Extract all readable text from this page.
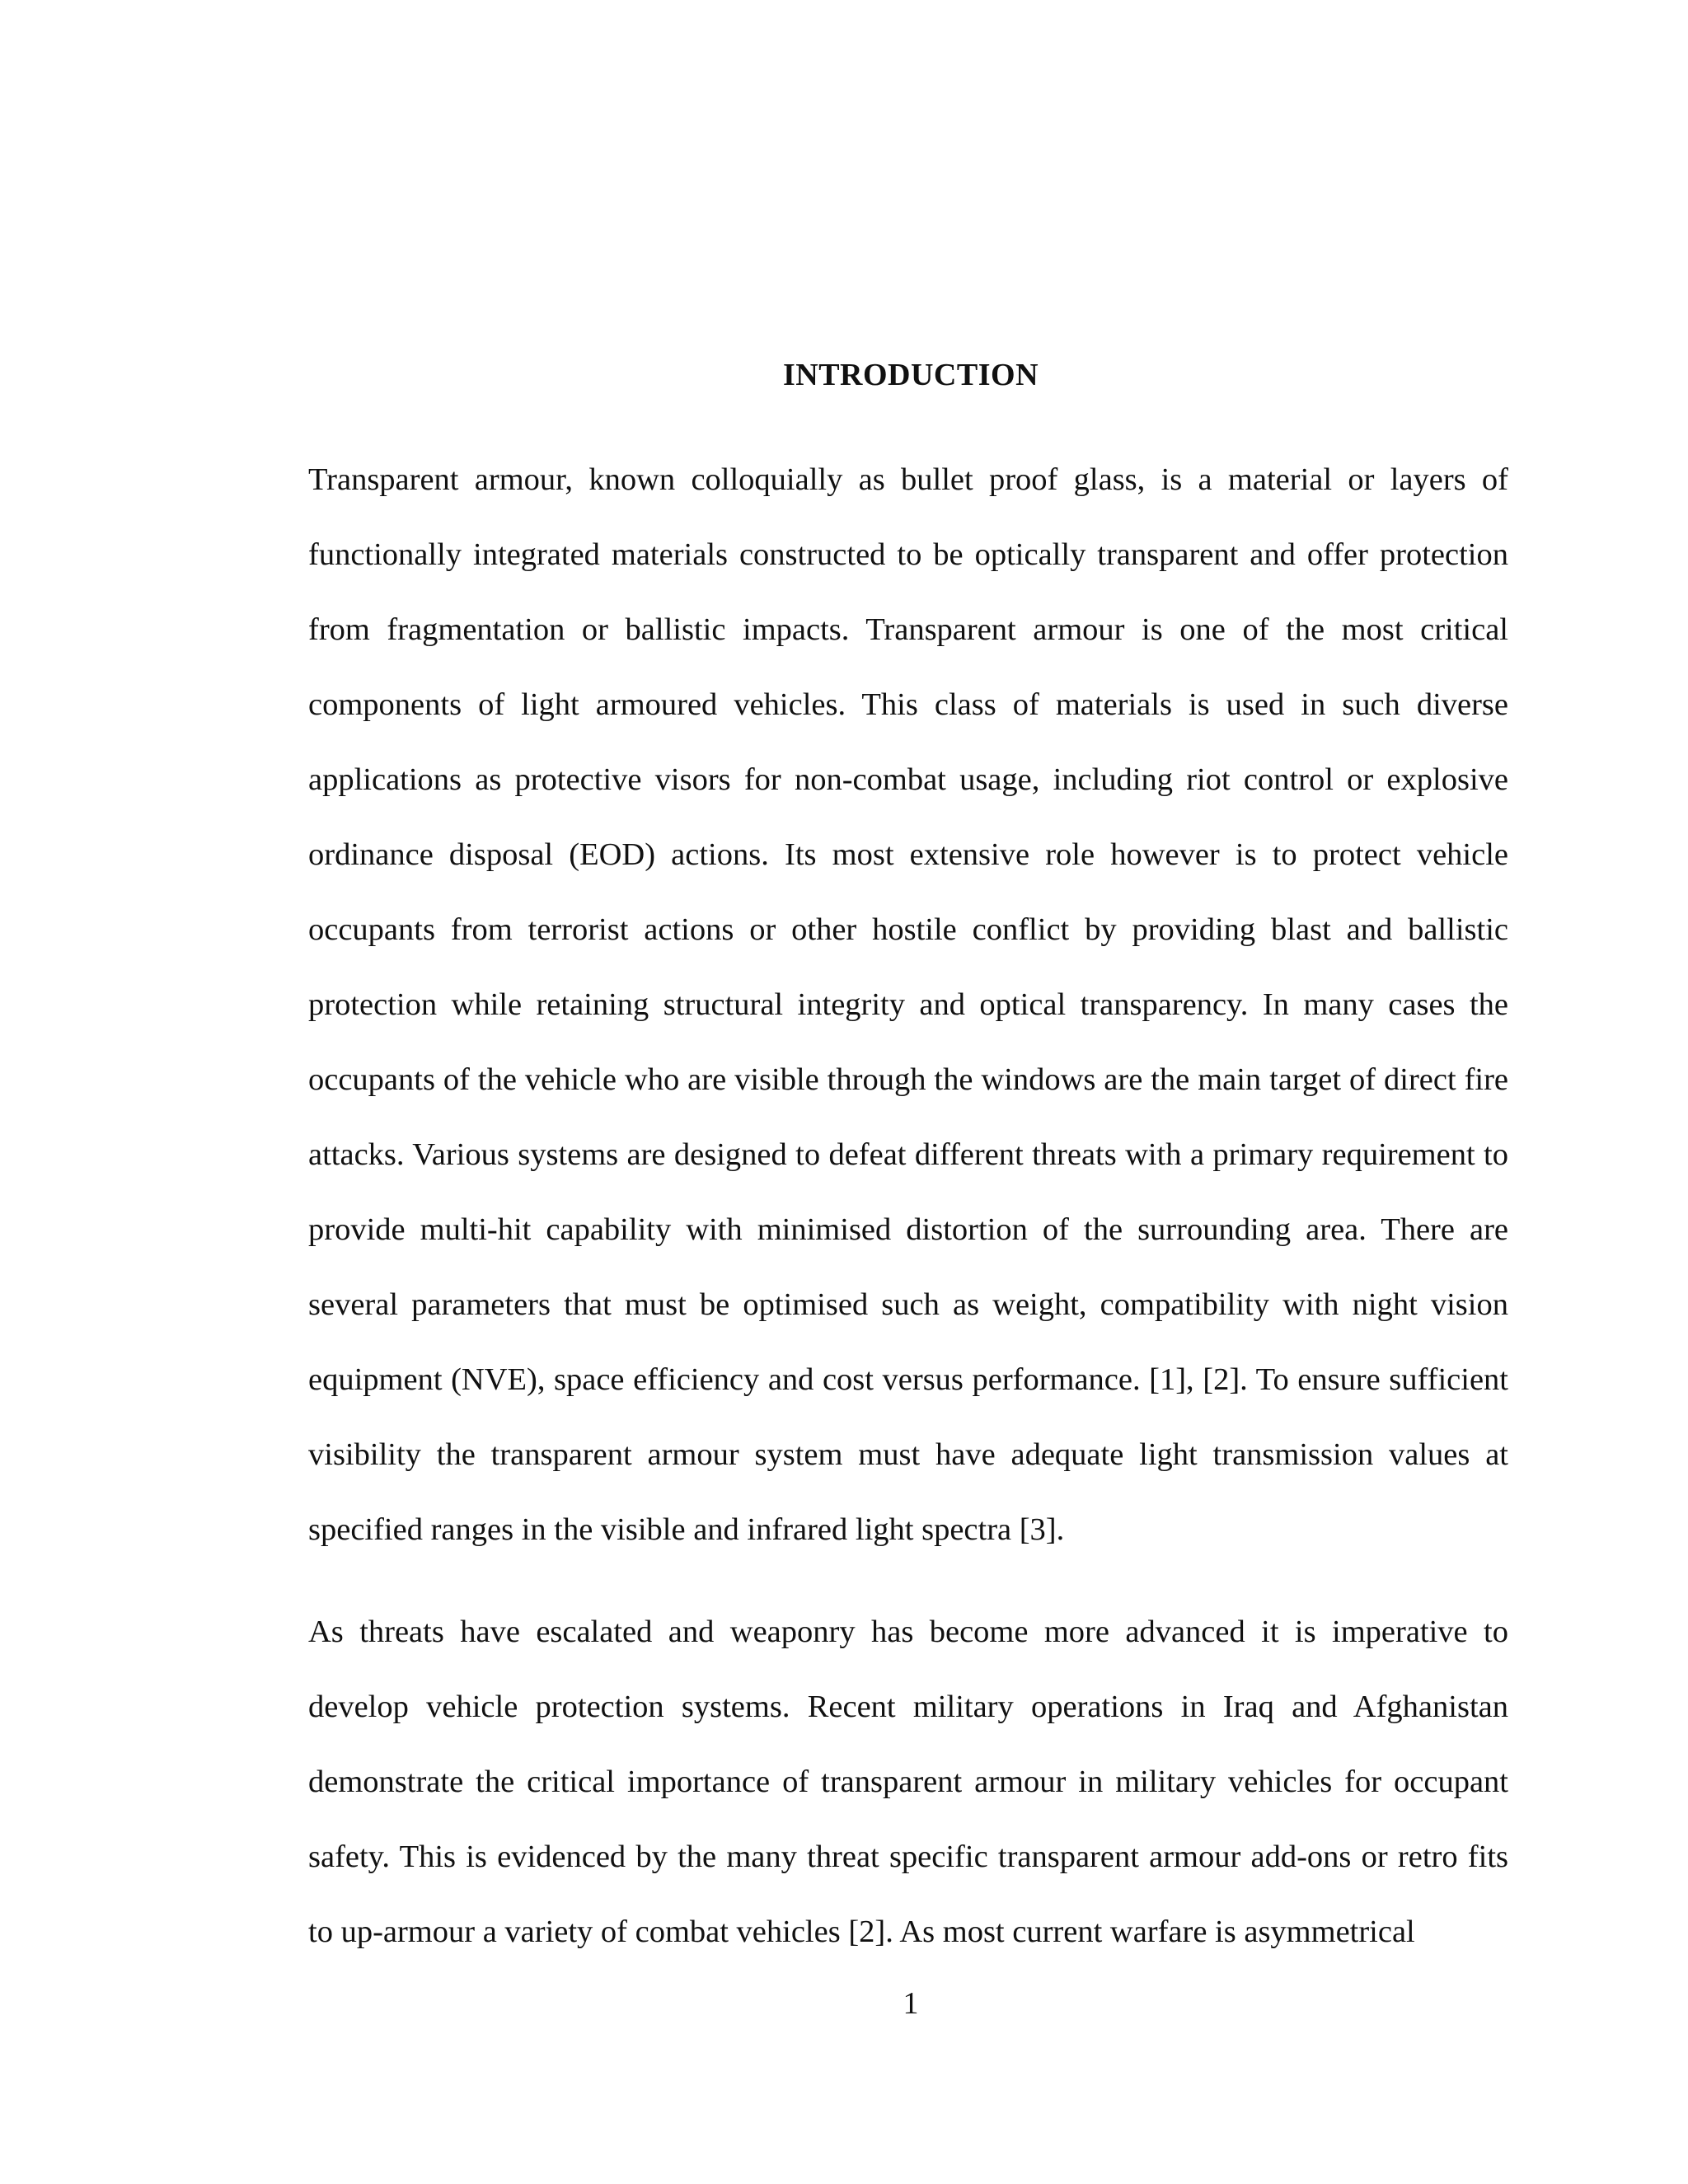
INTRODUCTION

Transparent armour, known colloquially as bullet proof glass, is a material or layers of functionally integrated materials constructed to be optically transparent and offer protection from fragmentation or ballistic impacts. Transparent armour is one of the most critical components of light armoured vehicles. This class of materials is used in such diverse applications as protective visors for non-combat usage, including riot control or explosive ordinance disposal (EOD) actions. Its most extensive role however is to protect vehicle occupants from terrorist actions or other hostile conflict by providing blast and ballistic protection while retaining structural integrity and optical transparency. In many cases the occupants of the vehicle who are visible through the windows are the main target of direct fire attacks. Various systems are designed to defeat different threats with a primary requirement to provide multi-hit capability with minimised distortion of the surrounding area. There are several parameters that must be optimised such as weight, compatibility with night vision equipment (NVE), space efficiency and cost versus performance. [1], [2]. To ensure sufficient visibility the transparent armour system must have adequate light transmission values at specified ranges in the visible and infrared light spectra [3].

As threats have escalated and weaponry has become more advanced it is imperative to develop vehicle protection systems. Recent military operations in Iraq and Afghanistan demonstrate the critical importance of transparent armour in military vehicles for occupant safety. This is evidenced by the many threat specific transparent armour add-ons or retro fits to up-armour a variety of combat vehicles [2]. As most current warfare is asymmetrical

1
